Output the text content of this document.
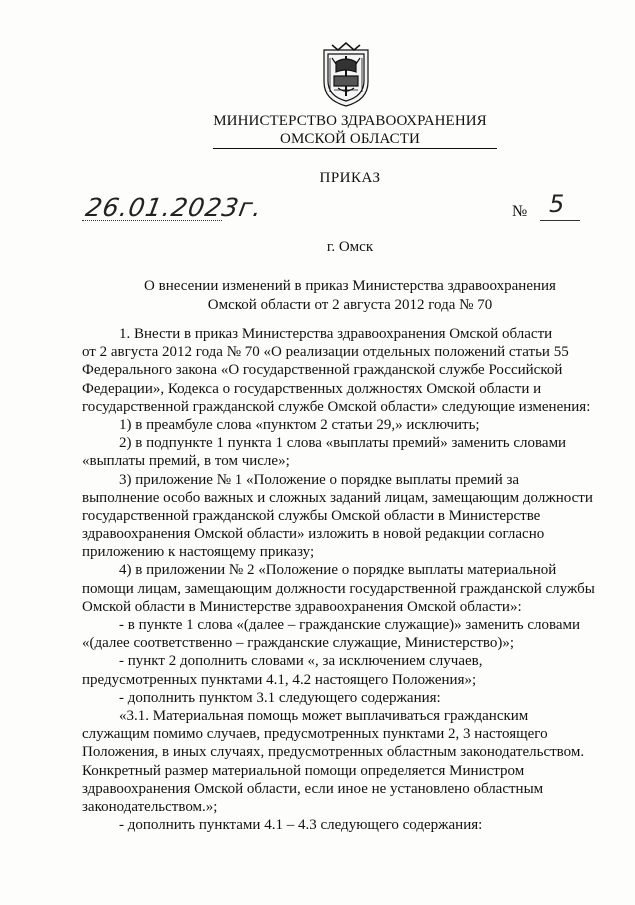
МИНИСТЕРСТВО ЗДРАВООХРАНЕНИЯ
ОМСКОЙ ОБЛАСТИ
ПРИКАЗ
26.01.2023г.	№ 5
г. Омск
О внесении изменений в приказ Министерства здравоохранения
Омской области от 2 августа 2012 года № 70
1. Внести в приказ Министерства здравоохранения Омской области
от 2 августа 2012 года № 70 «О реализации отдельных положений статьи 55
Федерального закона «О государственной гражданской службе Российской
Федерации», Кодекса о государственных должностях Омской области и
государственной гражданской службе Омской области» следующие изменения:
1) в преамбуле слова «пунктом 2 статьи 29,» исключить;
2) в подпункте 1 пункта 1 слова «выплаты премий» заменить словами
«выплаты премий, в том числе»;
3) приложение № 1 «Положение о порядке выплаты премий за
выполнение особо важных и сложных заданий лицам, замещающим должности
государственной гражданской службы Омской области в Министерстве
здравоохранения Омской области» изложить в новой редакции согласно
приложению к настоящему приказу;
4) в приложении № 2 «Положение о порядке выплаты материальной
помощи лицам, замещающим должности государственной гражданской службы
Омской области в Министерстве здравоохранения Омской области»:
- в пункте 1 слова «(далее – гражданские служащие)» заменить словами
«(далее соответственно – гражданские служащие, Министерство)»;
- пункт 2 дополнить словами «, за исключением случаев,
предусмотренных пунктами 4.1, 4.2 настоящего Положения»;
- дополнить пунктом 3.1 следующего содержания:
«3.1. Материальная помощь может выплачиваться гражданским
служащим помимо случаев, предусмотренных пунктами 2, 3 настоящего
Положения, в иных случаях, предусмотренных областным законодательством.
Конкретный размер материальной помощи определяется Министром
здравоохранения Омской области, если иное не установлено областным
законодательством.»;
- дополнить пунктами 4.1 – 4.3 следующего содержания:
